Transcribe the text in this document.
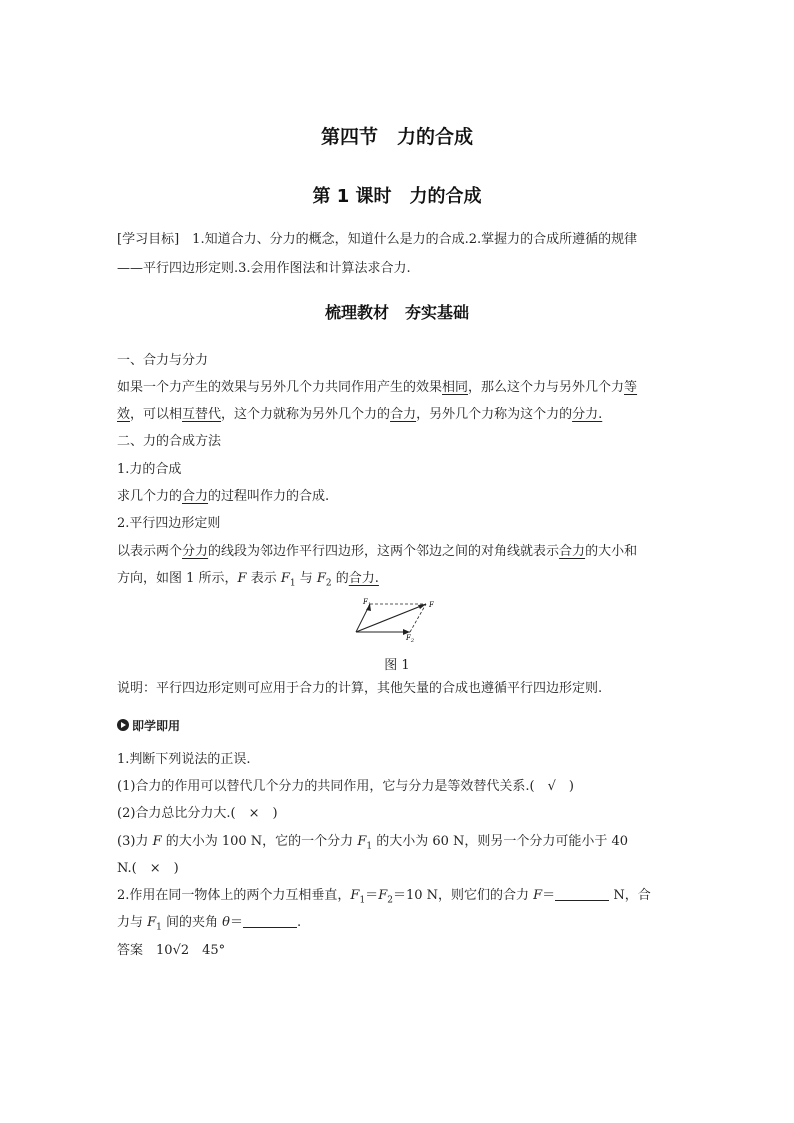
第四节　力的合成
第 1 课时　力的合成
[学习目标]　 1.知道合力、分力的概念，知道什么是力的合成.2.掌握力的合成所遵循的规律
——平行四边形定则.3.会用作图法和计算法求合力.
梳理教材　夯实基础
一、合力与分力
如果一个力产生的效果与另外几个力共同作用产生的效果相同，那么这个力与另外几个力等
效，可以相互替代，这个力就称为另外几个力的合力，另外几个力称为这个力的分力.
二、力的合成方法
1.力的合成
求几个力的合力的过程叫作力的合成.
2.平行四边形定则
以表示两个分力的线段为邻边作平行四边形，这两个邻边之间的对角线就表示合力的大小和
方向，如图 1 所示，F 表示 $F_1$ 与 $F_2$ 的合力.
$F_1$	F
$F_2$
图 1
说明：平行四边形定则可应用于合力的计算，其他矢量的合成也遵循平行四边形定则.
即学即用
1.判断下列说法的正误.
(1)合力的作用可以替代几个分力的共同作用，它与分力是等效替代关系.(　√　)
(2)合力总比分力大.(　×　)
(3)力 F 的大小为 100 N，它的一个分力 $F_1$ 的大小为 60 N，则另一个分力可能小于 40
N.(　×　)
2.作用在同一物体上的两个力互相垂直，$F_1=F_2=10$ N，则它们的合力 F＝	N，合
力与 $F_1$ 间的夹角 θ＝	.
答案　 10√2　45°
